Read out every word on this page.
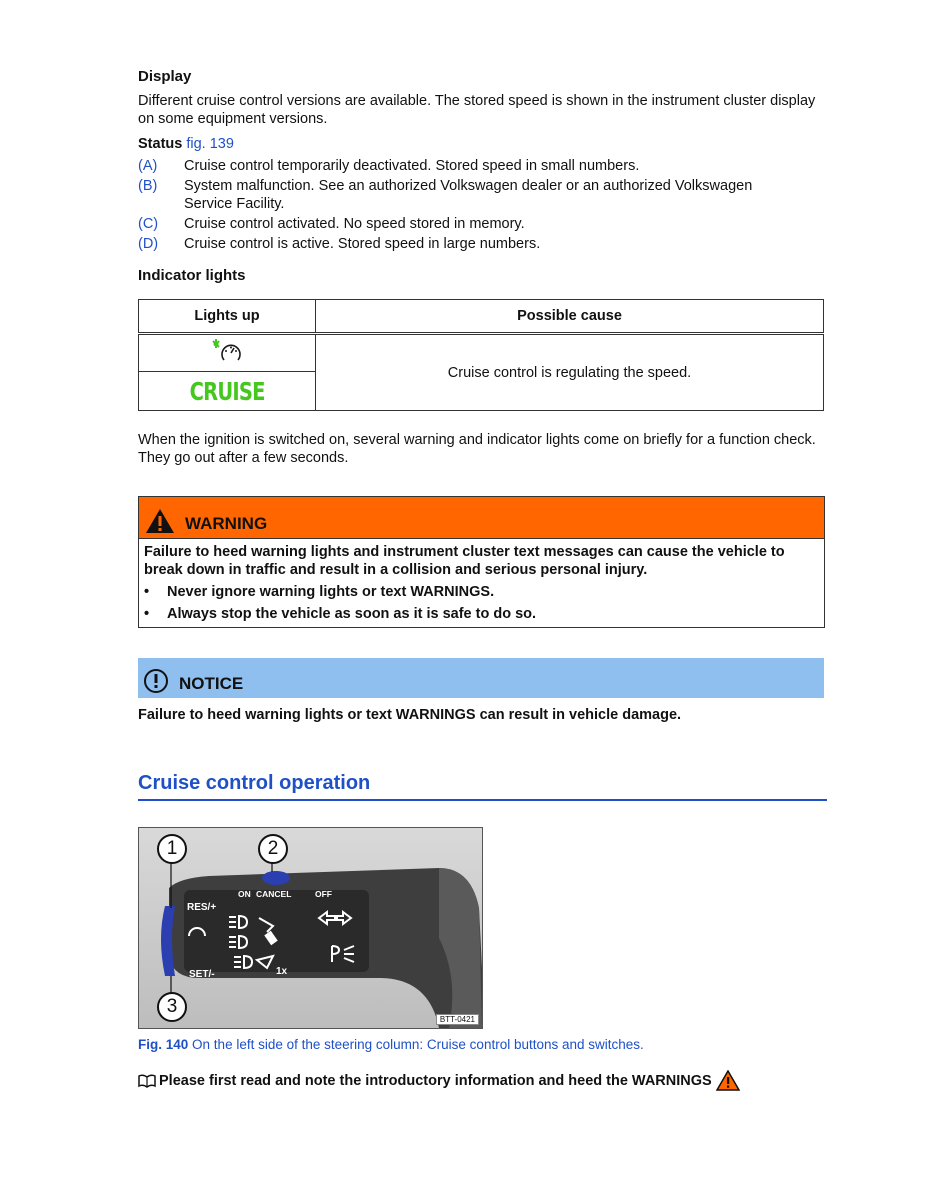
Display

Different cruise control versions are available. The stored speed is shown in the instrument cluster display on some equipment versions.

Status fig. 139

(A)	Cruise control temporarily deactivated. Stored speed in small numbers.
(B)	System malfunction. See an authorized Volkswagen dealer or an authorized Volkswagen Service Facility.
(C)	Cruise control activated. No speed stored in memory.
(D)	Cruise control is active. Stored speed in large numbers.
Indicator lights
Lights up	Possible cause
	Cruise control is regulating the speed.
CRUISE	

When the ignition is switched on, several warning and indicator lights come on briefly for a function check. They go out after a few seconds.

WARNING
Failure to heed warning lights and instrument cluster text messages can cause the vehicle to break down in traffic and result in a collision and serious personal injury.
•	Never ignore warning lights or text WARNINGS.
•	Always stop the vehicle as soon as it is safe to do so.
NOTICE
Failure to heed warning lights or text WARNINGS can result in vehicle damage.
Cruise control operation
RES/+
SET/-
ON CANCEL	OFF
1x
1	2
3
BTT-0421
Fig. 140 On the left side of the steering column: Cruise control buttons and switches.
Please first read and note the introductory information and heed the WARNINGS
